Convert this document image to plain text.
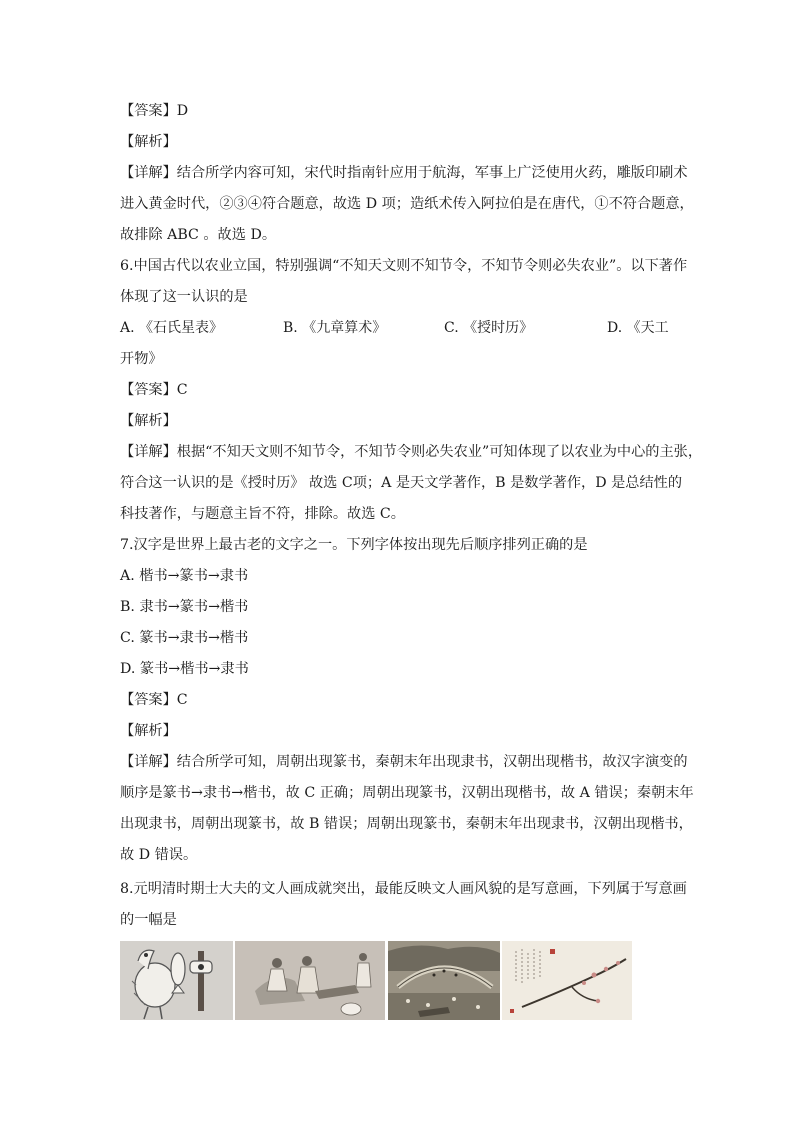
【答案】D
【解析】
【详解】结合所学内容可知，宋代时指南针应用于航海，军事上广泛使用火药，雕版印刷术
进入黄金时代，②③④符合题意，故选 D 项；造纸术传入阿拉伯是在唐代，①不符合题意，
故排除 ABC 。故选 D。
6.中国古代以农业立国，特别强调“不知天文则不知节令，不知节令则必失农业”。以下著作
体现了这一认识的是
A. 《石氏星表》	B. 《九章算术》	C. 《授时历》	D. 《天工
开物》
【答案】C
【解析】
【详解】根据“不知天文则不知节令，不知节令则必失农业”可知体现了以农业为中心的主张，
符合这一认识的是《授时历》 故选 C项；A 是天文学著作，B 是数学著作，D 是总结性的
科技著作，与题意主旨不符，排除。故选 C。
7.汉字是世界上最古老的文字之一。下列字体按出现先后顺序排列正确的是
A. 楷书→篆书→隶书
B. 隶书→篆书→楷书
C. 篆书→隶书→楷书
D. 篆书→楷书→隶书
【答案】C
【解析】
【详解】结合所学可知，周朝出现篆书，秦朝末年出现隶书，汉朝出现楷书，故汉字演变的
顺序是篆书→隶书→楷书，故 C 正确；周朝出现篆书，汉朝出现楷书，故 A 错误；秦朝末年
出现隶书，周朝出现篆书，故 B 错误；周朝出现篆书，秦朝末年出现隶书，汉朝出现楷书，
故 D 错误。
8.元明清时期士大夫的文人画成就突出，最能反映文人画风貌的是写意画，下列属于写意画
的一幅是
